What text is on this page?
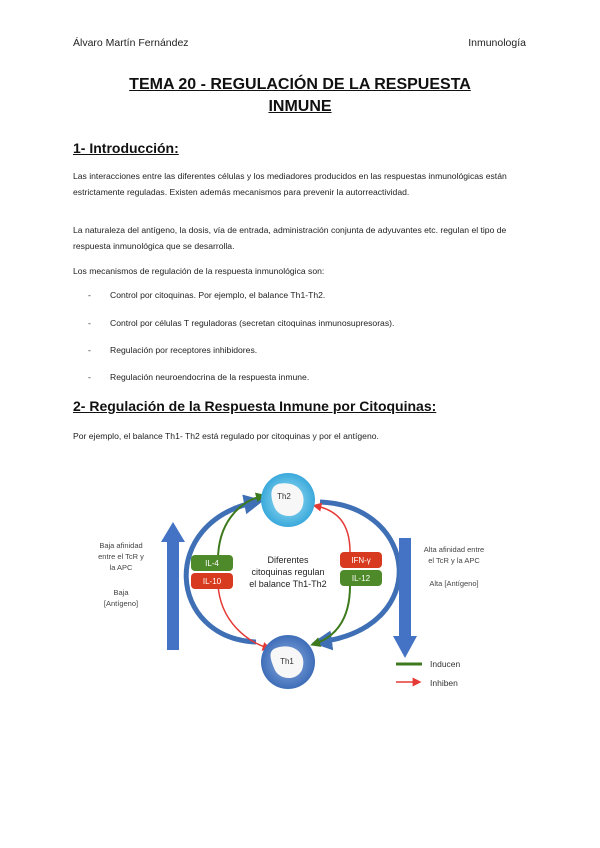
Álvaro Martín Fernández	Inmunología
TEMA 20 - REGULACIÓN DE LA RESPUESTA
INMUNE
1- Introducción:

Las interacciones entre las diferentes células y los mediadores producidos en las respuestas inmunológicas están estrictamente reguladas. Existen además mecanismos para prevenir la autorreactividad.

La naturaleza del antígeno, la dosis, vía de entrada, administración conjunta de adyuvantes etc. regulan el tipo de respuesta inmunológica que se desarrolla.

Los mecanismos de regulación de la respuesta inmunológica son:

- Control por citoquinas. Por ejemplo, el balance Th1-Th2.
- Control por células T reguladoras (secretan citoquinas inmunosupresoras).
- Regulación por receptores inhibidores.
- Regulación neuroendocrina de la respuesta inmune.
2- Regulación de la Respuesta Inmune por Citoquinas:

Por ejemplo, el balance Th1- Th2 está regulado por citoquinas y por el antígeno.

Th2
Th1
IL-4
IL-10
IFN-γ
IL-12
Diferentes
citoquinas regulan
el balance Th1-Th2
Baja afinidad
entre el TcR y
la APC
Baja
[Antígeno]
Alta afinidad entre
el TcR y la APC
Alta [Antígeno]
Inducen
Inhiben
